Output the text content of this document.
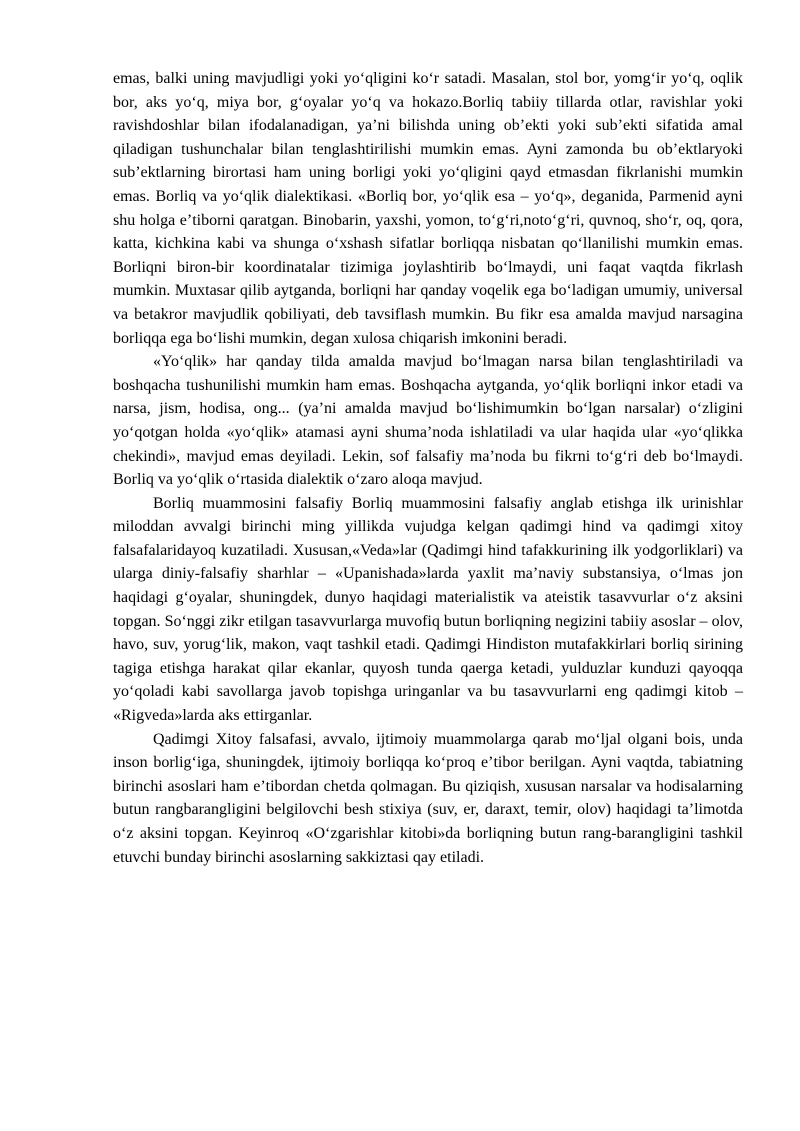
emas, balki uning mavjudligi yoki yoʻqligini koʻr satadi. Masalan, stol bor, yomgʻir yoʻq, oqlik bor, aks yoʻq, miya bor, gʻoyalar yoʻq va hokazo.Borliq tabiiy tillarda otlar, ravishlar yoki ravishdoshlar bilan ifodalanadigan, yaʼni bilishda uning obʼekti yoki subʼekti sifatida amal qiladigan tushunchalar bilan tenglashtirilishi mumkin emas. Ayni zamonda bu obʼektlaryoki subʼektlarning birortasi ham uning borligi yoki yoʻqligini qayd etmasdan fikrlanishi mumkin emas. Borliq va yoʻqlik dialektikasi. «Borliq bor, yoʻqlik esa – yoʻq», deganida, Parmenid ayni shu holga eʼtiborni qaratgan. Binobarin, yaxshi, yomon, toʻgʻri,notoʻgʻri, quvnoq, shoʻr, oq, qora, katta, kichkina kabi va shunga oʻxshash sifatlar borliqqa nisbatan qoʻllanilishi mumkin emas. Borliqni biron-bir koordinatalar tizimiga joylashtirib boʻlmaydi, uni faqat vaqtda fikrlash mumkin. Muxtasar qilib aytganda, borliqni har qanday voqelik ega boʻladigan umumiy, universal va betakror mavjudlik qobiliyati, deb tavsiflash mumkin. Bu fikr esa amalda mavjud narsagina borliqqa ega boʻlishi mumkin, degan xulosa chiqarish imkonini beradi.

«Yoʻqlik» har qanday tilda amalda mavjud boʻlmagan narsa bilan tenglashtiriladi va boshqacha tushunilishi mumkin ham emas. Boshqacha aytganda, yoʻqlik borliqni inkor etadi va narsa, jism, hodisa, ong... (yaʼni amalda mavjud boʻlishimumkin boʻlgan narsalar) oʻzligini yoʻqotgan holda «yoʻqlik» atamasi ayni shumaʼnoda ishlatiladi va ular haqida ular «yoʻqlikka chekindi», mavjud emas deyiladi. Lekin, sof falsafiy maʼnoda bu fikrni toʻgʻri deb boʻlmaydi. Borliq va yoʻqlik oʻrtasida dialektik oʻzaro aloqa mavjud.

Borliq muammosini falsafiy Borliq muammosini falsafiy anglab etishga ilk urinishlar miloddan avvalgi birinchi ming yillikda vujudga kelgan qadimgi hind va qadimgi xitoy falsafalaridayoq kuzatiladi. Xususan,«Veda»lar (Qadimgi hind tafakkurining ilk yodgorliklari) va ularga diniy-falsafiy sharhlar – «Upanishada»larda yaxlit maʼnaviy substansiya, oʻlmas jon haqidagi gʻoyalar, shuningdek, dunyo haqidagi materialistik va ateistik tasavvurlar oʻz aksini topgan. Soʻnggi zikr etilgan tasavvurlarga muvofiq butun borliqning negizini tabiiy asoslar – olov, havo, suv, yorugʻlik, makon, vaqt tashkil etadi. Qadimgi Hindiston mutafakkirlari borliq sirining tagiga etishga harakat qilar ekanlar, quyosh tunda qaerga ketadi, yulduzlar kunduzi qayoqqa yoʻqoladi kabi savollarga javob topishga uringanlar va bu tasavvurlarni eng qadimgi kitob – «Rigveda»larda aks ettirganlar.

Qadimgi Xitoy falsafasi, avvalo, ijtimoiy muammolarga qarab moʻljal olgani bois, unda inson borligʻiga, shuningdek, ijtimoiy borliqqa koʻproq eʼtibor berilgan. Ayni vaqtda, tabiatning birinchi asoslari ham eʼtibordan chetda qolmagan. Bu qiziqish, xususan narsalar va hodisalarning butun rangbarangligini belgilovchi besh stixiya (suv, er, daraxt, temir, olov) haqidagi taʼlimotda oʻz aksini topgan. Keyinroq «Oʻzgarishlar kitobi»da borliqning butun rang-barangligini tashkil etuvchi bunday birinchi asoslarning sakkiztasi qay etiladi.
